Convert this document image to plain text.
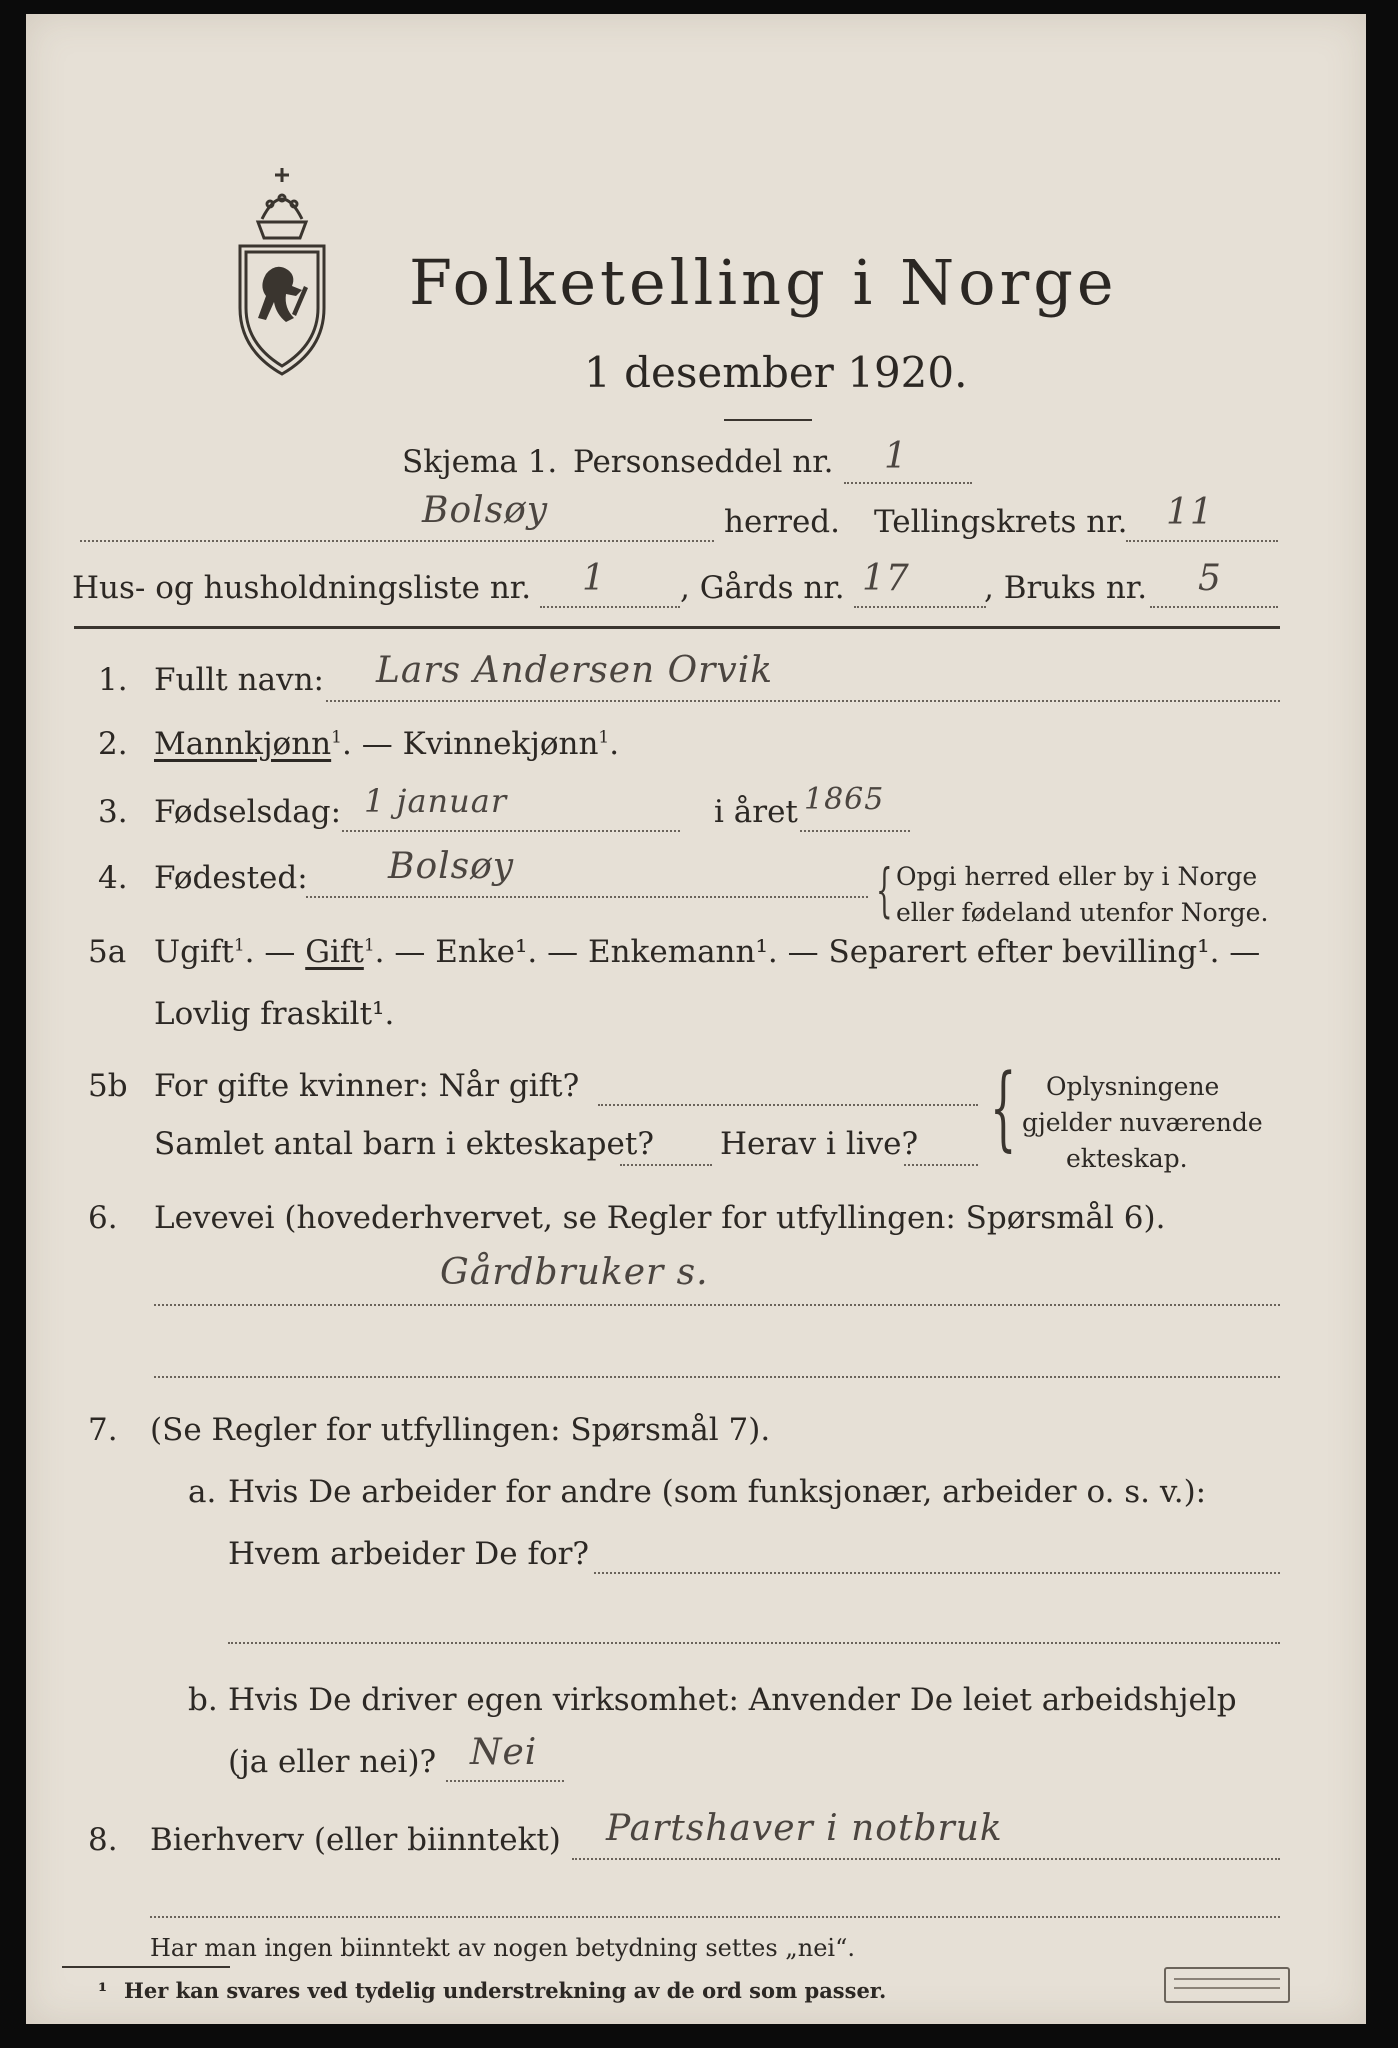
Folketelling i Norge
1 desember 1920.
Skjema 1. Personseddel nr. 1
Bolsøy	herred. Tellingskrets nr. 11
Hus- og husholdningsliste nr. 1 , Gårds nr. 17 , Bruks nr. 5
1. Fullt navn: Lars Andersen Orvik
2. Mannkjønn$^1$. — Kvinnekjønn$^1$.
3. Fødselsdag: 1 januar	i året 1865
4. Fødested: Bolsøy	{ Opgi herred eller by i Norge
eller fødeland utenfor Norge.
5a Ugift$^1$. — Gift$^1$. — Enke¹. — Enkemann¹. — Separert efter bevilling¹. —
Lovlig fraskilt¹.
5b For gifte kvinner: Når gift?
Samlet antal barn i ekteskapet? Herav i live? { Oplysningene
gjelder nuværende
ekteskap.
6. Levevei (hovederhvervet, se Regler for utfyllingen: Spørsmål 6).
Gårdbruker s.
7. (Se Regler for utfyllingen: Spørsmål 7).
a. Hvis De arbeider for andre (som funksjonær, arbeider o. s. v.):
Hvem arbeider De for?
b. Hvis De driver egen virksomhet: Anvender De leiet arbeidshjelp
(ja eller nei)? Nei
8. Bierhverv (eller biinntekt) Partshaver i notbruk
Har man ingen biinntekt av nogen betydning settes „nei“.
¹ Her kan svares ved tydelig understrekning av de ord som passer.
